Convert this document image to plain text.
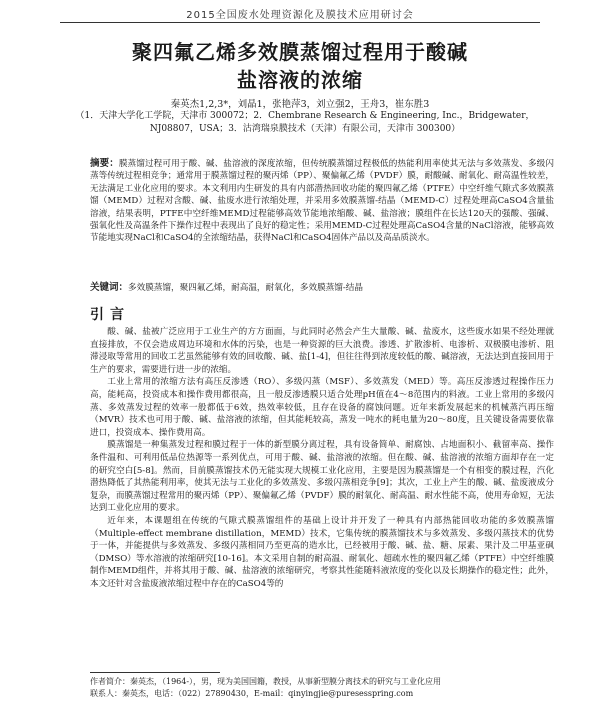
2015全国废水处理资源化及膜技术应用研讨会
聚四氟乙烯多效膜蒸馏过程用于酸碱
盐溶液的浓缩
秦英杰1,2,3*，刘晶1，张艳萍3，刘立强2，王舟3，崔东胜3
（1．天津大学化工学院，天津市 300072；2．Chembrane Research & Engineering, Inc.，Bridgewater，NJ08807，USA；3．沽湾瑞泉膜技术（天津）有限公司，天津市 300300）
摘要：膜蒸馏过程可用于酸、碱、盐溶液的深度浓缩，但传统膜蒸馏过程极低的热能利用率使其无法与多效蒸发、多级闪蒸等传统过程相竞争；通常用于膜蒸馏过程的聚丙烯（PP）、聚偏氟乙烯（PVDF）膜，耐酸碱、耐氧化、耐高温性较差，无法满足工业化应用的要求。本文利用内生研发的具有内部潜热回收功能的聚四氟乙烯（PTFE）中空纤维气隙式多效膜蒸馏（MEMD）过程对含酸、碱、盐废水进行浓缩处理，并采用多效膜蒸馏-结晶（MEMD-C）过程处理高CaSO4含量盐溶液，结果表明，PTFE中空纤维MEMD过程能够高效节能地浓缩酸、碱、盐溶液；膜组件在长达120天的强酸、强碱、强氧化性及高温条件下操作过程中表现出了良好的稳定性；采用MEMD-C过程处理高CaSO4含量的NaCl溶液，能够高效节能地实现NaCl和CaSO4的全浓缩结晶，获得NaCl和CaSO4固体产品以及高品质淡水。
关键词：多效膜蒸馏，聚四氟乙烯，耐高温，耐氧化，多效膜蒸馏-结晶
引言

酸、碱、盐被广泛应用于工业生产的方方面面，与此同时必然会产生大量酸、碱、盐废水，这些废水如果不经处理就直接排放，不仅会造成周边环境和水体的污染，也是一种资源的巨大浪费。渗透、扩散渗析、电渗析、双极膜电渗析、阻滞浸取等常用的回收工艺虽然能够有效的回收酸、碱、盐[1-4]，但往往得到浓度较低的酸、碱溶液，无法达到直接回用于生产的要求，需要进行进一步的浓缩。

工业上常用的浓缩方法有高压反渗透（RO）、多级闪蒸（MSF）、多效蒸发（MED）等。高压反渗透过程操作压力高，能耗高，投资成本和操作费用都很高，且一般反渗透膜只适合处理pH值在4～8范围内的料液。工业上常用的多级闪蒸、多效蒸发过程的效率一般都低于6效，热效率较低，且存在设备的腐蚀问题。近年来新发展起来的机械蒸汽再压缩（MVR）技术也可用于酸、碱、盐溶液的浓缩，但其能耗较高，蒸发一吨水的耗电量为20～80度，且关键设备需要依靠进口，投资成本、操作费用高。

膜蒸馏是一种集蒸发过程和膜过程于一体的新型膜分离过程，具有设备简单、耐腐蚀、占地面积小、截留率高、操作条件温和、可利用低品位热源等一系列优点，可用于酸、碱、盐溶液的浓缩。但在酸、碱、盐溶液的浓缩方面却存在一定的研究空白[5-8]。然而，目前膜蒸馏技术仍无能实现大规模工业化应用，主要是因为膜蒸馏是一个有相变的膜过程，汽化潜热降低了其热能利用率，使其无法与工业化的多效蒸发、多级闪蒸相竞争[9]；其次，工业上产生的酸、碱、盐废液成分复杂，而膜蒸馏过程常用的聚丙烯（PP）、聚偏氟乙烯（PVDF）膜的耐氧化、耐高温、耐水性能不高，使用寿命短，无法达到工业化应用的要求。

近年来，本课题组在传统的气隙式膜蒸馏组件的基础上设计并开发了一种具有内部热能回收功能的多效膜蒸馏（Multiple-effect membrane distillation，MEMD）技术，它集传统的膜蒸馏技术与多效蒸发、多级闪蒸技术的优势于一体，并能提供与多效蒸发、多级闪蒸相同乃至更高的造水比，已经被用于酸、碱、盐、糖、尿素、果汁及二甲基亚砜（DMSO）等水溶液的浓缩研究[10-16]。本文采用自制的耐高温、耐氧化、超疏水性的聚四氟乙烯（PTFE）中空纤维膜制作MEMD组件，并将其用于酸、碱、盐溶液的浓缩研究，考察其性能随料液浓度的变化以及长期操作的稳定性；此外，本文还针对含盐废液浓缩过程中存在的CaSO4等的

作者简介：秦英杰，（1964-），男，现为美国国籍，教授，从事新型膜分离技术的研究与工业化应用
联系人：秦英杰，电话：（022）27890430，E-mail：qinyingjie@puresesspring.com
